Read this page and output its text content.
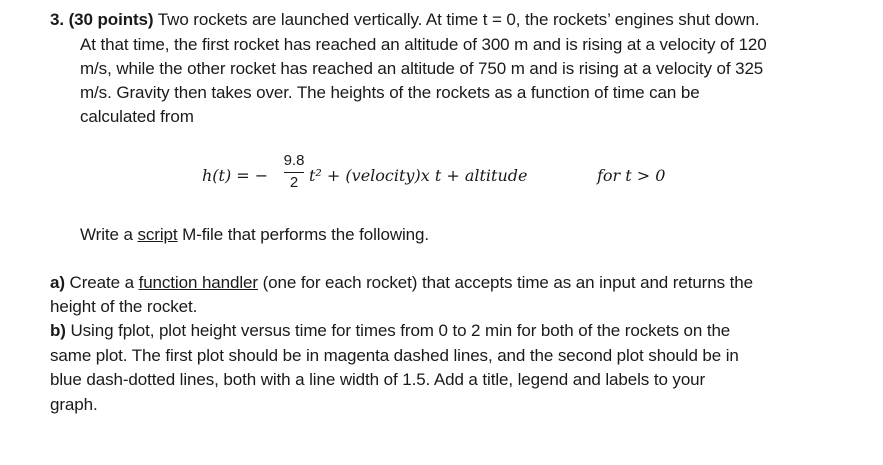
3. (30 points) Two rockets are launched vertically. At time t = 0, the rockets’ engines shut down.
At that time, the first rocket has reached an altitude of 300 m and is rising at a velocity of 120
m/s, while the other rocket has reached an altitude of 750 m and is rising at a velocity of 325
m/s. Gravity then takes over. The heights of the rockets as a function of time can be
calculated from
h(t) = −
9.8
2 t² + (velocity)x t + altitude	for t > 0
Write a script M-file that performs the following.
a) Create a function handler (one for each rocket) that accepts time as an input and returns the
height of the rocket.
b) Using fplot, plot height versus time for times from 0 to 2 min for both of the rockets on the
same plot. The first plot should be in magenta dashed lines, and the second plot should be in
blue dash-dotted lines, both with a line width of 1.5. Add a title, legend and labels to your
graph.
